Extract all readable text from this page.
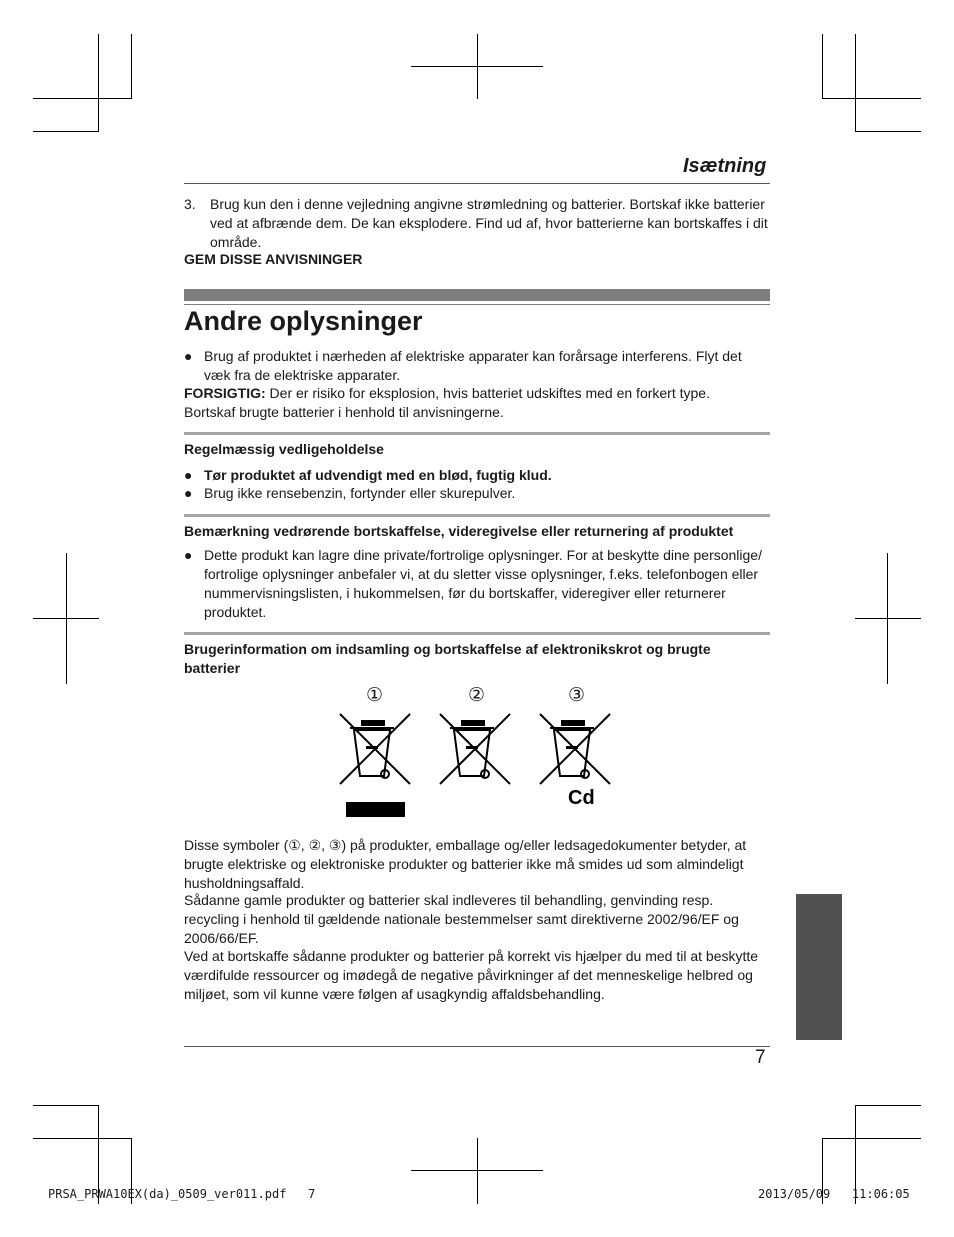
Isætning
3. Brug kun den i denne vejledning angivne strømledning og batterier. Bortskaf ikke batterier ved at afbrænde dem. De kan eksplodere. Find ud af, hvor batterierne kan bortskaffes i dit område.
GEM DISSE ANVISNINGER
Andre oplysninger
● Brug af produktet i nærheden af elektriske apparater kan forårsage interferens. Flyt det væk fra de elektriske apparater.
FORSIGTIG: Der er risiko for eksplosion, hvis batteriet udskiftes med en forkert type.
Bortskaf brugte batterier i henhold til anvisningerne.
Regelmæssig vedligeholdelse
● Tør produktet af udvendigt med en blød, fugtig klud.
● Brug ikke rensebenzin, fortynder eller skurepulver.
Bemærkning vedrørende bortskaffelse, videregivelse eller returnering af produktet
● Dette produkt kan lagre dine private/fortrolige oplysninger. For at beskytte dine personlige/ fortrolige oplysninger anbefaler vi, at du sletter visse oplysninger, f.eks. telefonbogen eller nummervisningslisten, i hukommelsen, før du bortskaffer, videregiver eller returnerer produktet.
Brugerinformation om indsamling og bortskaffelse af elektronikskrot og brugte batterier
①	②	③
Cd
Disse symboler (①, ②, ③) på produkter, emballage og/eller ledsagedokumenter betyder, at brugte elektriske og elektroniske produkter og batterier ikke må smides ud som almindeligt husholdningsaffald.
Sådanne gamle produkter og batterier skal indleveres til behandling, genvinding resp. recycling i henhold til gældende nationale bestemmelser samt direktiverne 2002/96/EF og 2006/66/EF.
Ved at bortskaffe sådanne produkter og batterier på korrekt vis hjælper du med til at beskytte værdifulde ressourcer og imødegå de negative påvirkninger af det menneskelige helbred og miljøet, som vil kunne være følgen af usagkyndig affaldsbehandling.
7
PRSA_PRWA10EX(da)_0509_ver011.pdf   7	2013/05/09   11:06:05
